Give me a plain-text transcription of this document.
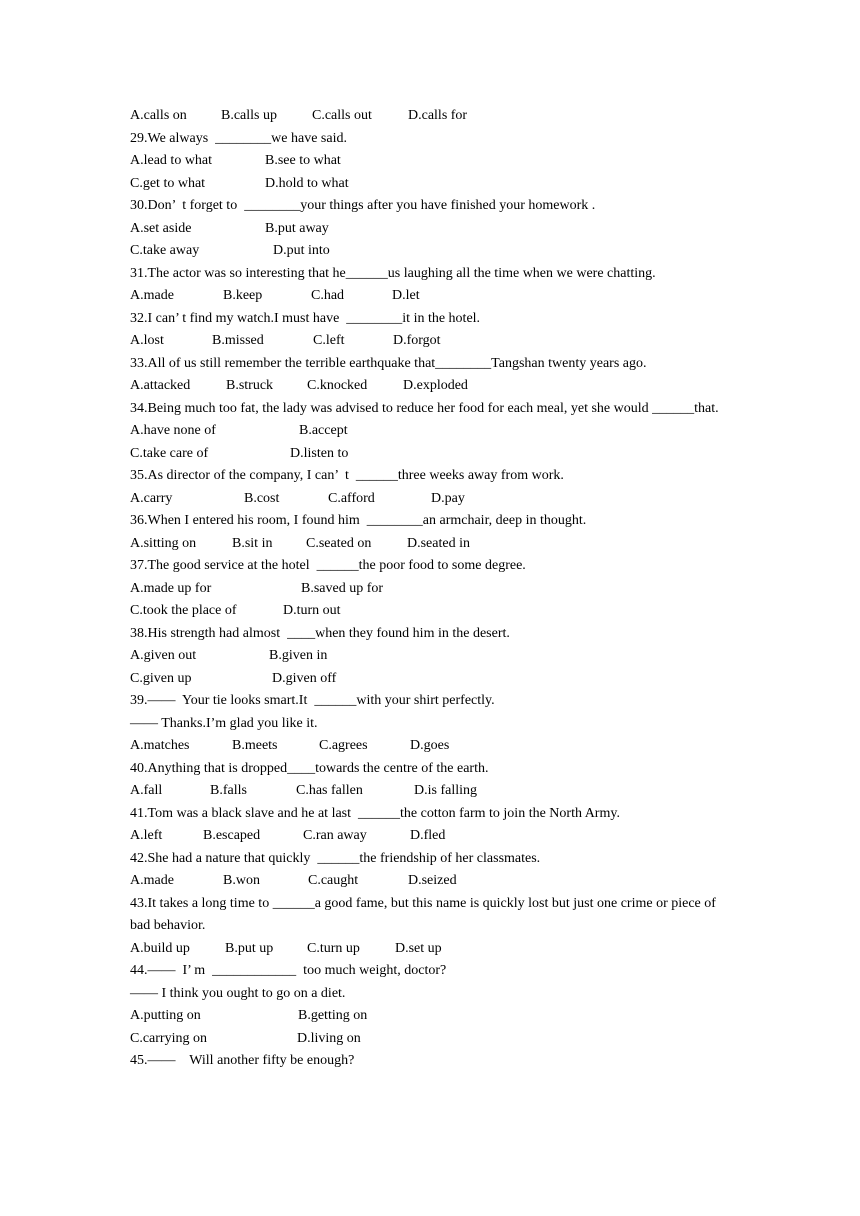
A.calls on B.calls up	C.calls out	D.calls for
29.We always  ________we have said.
A.lead to what	B.see to what
C.get to what	D.hold to what
30.Don’  t forget to  ________your things after you have finished your homework .
A.set aside	B.put away
C.take away	D.put into
31.The actor was so interesting that he______us laughing all the time when we were chatting.
A.made	B.keep	C.had	D.let
32.I can’ t find my watch.I must have  ________it in the hotel.
A.lost	B.missed	C.left	D.forgot
33.All of us still remember the terrible earthquake that________Tangshan twenty years ago.
A.attacked	B.struck C.knocked	D.exploded
34.Being much too fat, the lady was advised to reduce her food for each meal, yet she would ______that.
A.have none of	B.accept
C.take care of	D.listen to
35.As director of the company, I can’  t  ______three weeks away from work.
A.carry	B.cost	C.afford	D.pay
36.When I entered his room, I found him  ________an armchair, deep in thought.
A.sitting on	B.sit in C.seated on	D.seated in
37.The good service at the hotel  ______the poor food to some degree.
A.made up for	B.saved up for
C.took the place of	D.turn out
38.His strength had almost  ____when they found him in the desert.
A.given out	B.given in
C.given up	D.given off
39.——  Your tie looks smart.It  ______with your shirt perfectly.
—— Thanks.I’m glad you like it.
A.matches	B.meets	C.agrees	D.goes
40.Anything that is dropped____towards the centre of the earth.
A.fall	B.falls	C.has fallen	D.is falling
41.Tom was a black slave and he at last  ______the cotton farm to join the North Army.
A.left	B.escaped	C.ran away	D.fled
42.She had a nature that quickly  ______the friendship of her classmates.
A.made	B.won	C.caught	D.seized
43.It takes a long time to ______a good fame, but this name is quickly lost but just one crime or piece of bad behavior.
A.build up	B.put up C.turn up	D.set up
44.——  I’ m  ____________  too much weight, doctor?
—— I think you ought to go on a diet.
A.putting on	B.getting on
C.carrying on	D.living on
45.——    Will another fifty be enough?
